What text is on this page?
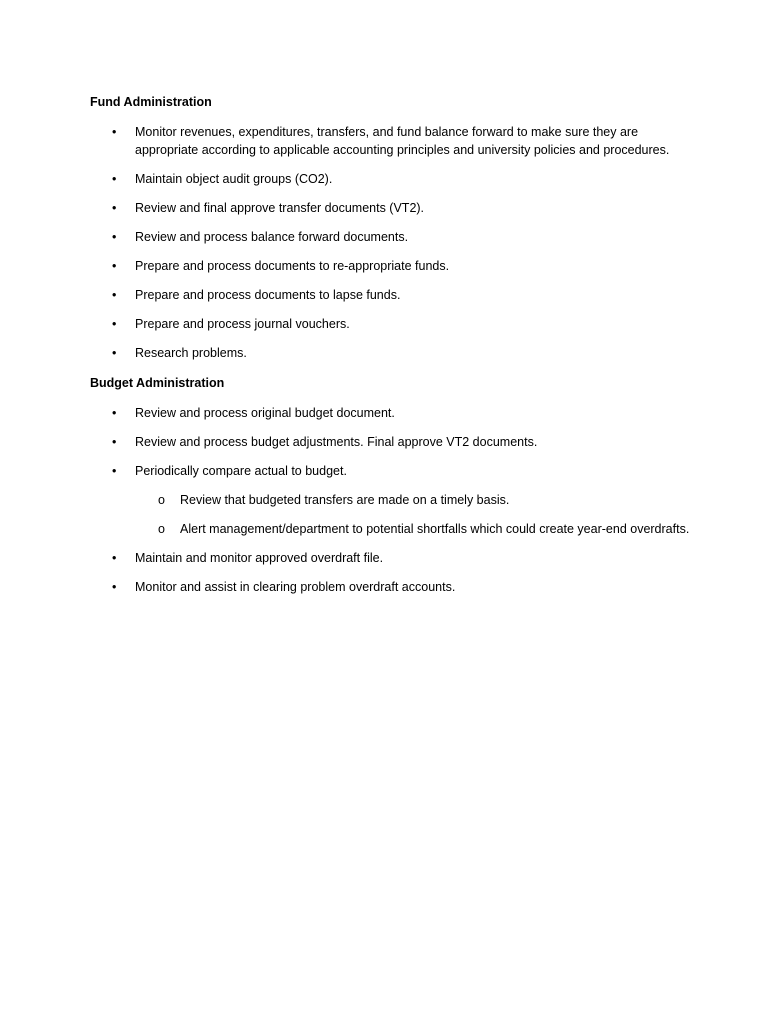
Fund Administration

• Monitor revenues, expenditures, transfers, and fund balance forward to make sure they are appropriate according to applicable accounting principles and university policies and procedures.
• Maintain object audit groups (CO2).
• Review and final approve transfer documents (VT2).
• Review and process balance forward documents.
• Prepare and process documents to re-appropriate funds.
• Prepare and process documents to lapse funds.
• Prepare and process journal vouchers.
• Research problems.

Budget Administration

• Review and process original budget document.
• Review and process budget adjustments. Final approve VT2 documents.
• Periodically compare actual to budget.
o Review that budgeted transfers are made on a timely basis.
o Alert management/department to potential shortfalls which could create year-end overdrafts.
• Maintain and monitor approved overdraft file.
• Monitor and assist in clearing problem overdraft accounts.
